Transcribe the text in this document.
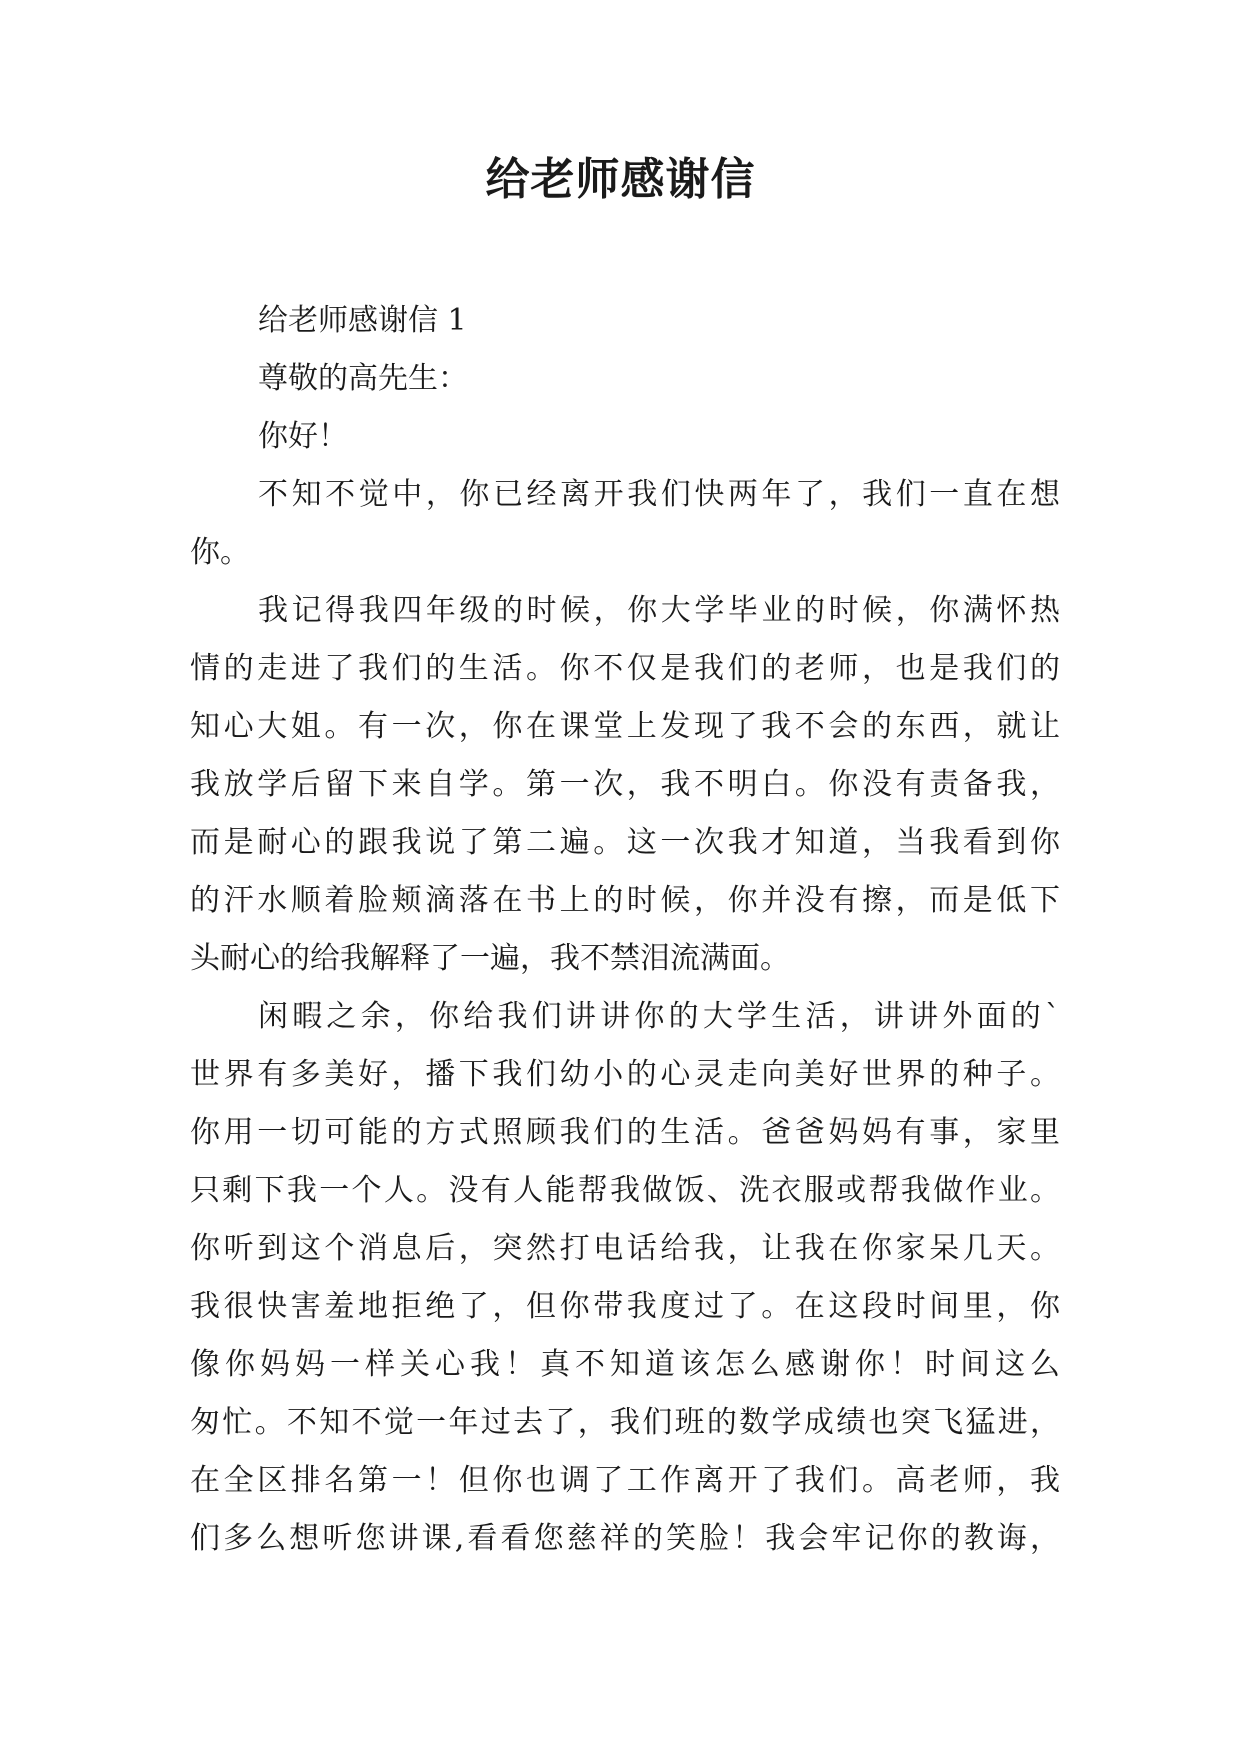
给老师感谢信
给老师感谢信 1
尊敬的高先生：
你好！
不知不觉中，你已经离开我们快两年了，我们一直在想
你。
我记得我四年级的时候，你大学毕业的时候，你满怀热
情的走进了我们的生活。你不仅是我们的老师，也是我们的
知心大姐。有一次，你在课堂上发现了我不会的东西，就让
我放学后留下来自学。第一次，我不明白。你没有责备我，
而是耐心的跟我说了第二遍。这一次我才知道，当我看到你
的汗水顺着脸颊滴落在书上的时候，你并没有擦，而是低下
头耐心的给我解释了一遍，我不禁泪流满面。
闲暇之余，你给我们讲讲你的大学生活，讲讲外面的`
世界有多美好，播下我们幼小的心灵走向美好世界的种子。
你用一切可能的方式照顾我们的生活。爸爸妈妈有事，家里
只剩下我一个人。没有人能帮我做饭、洗衣服或帮我做作业。
你听到这个消息后，突然打电话给我，让我在你家呆几天。
我很快害羞地拒绝了，但你带我度过了。在这段时间里，你
像你妈妈一样关心我！真不知道该怎么感谢你！时间这么
匆忙。不知不觉一年过去了，我们班的数学成绩也突飞猛进，
在全区排名第一！但你也调了工作离开了我们。高老师，我
们多么想听您讲课,看看您慈祥的笑脸！我会牢记你的教诲，
